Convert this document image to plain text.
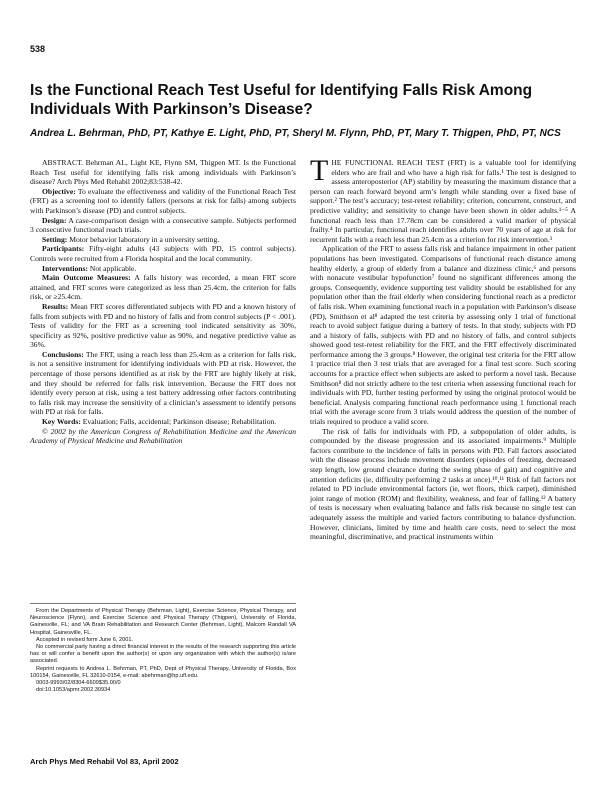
538
Is the Functional Reach Test Useful for Identifying Falls Risk Among Individuals With Parkinson’s Disease?
Andrea L. Behrman, PhD, PT, Kathye E. Light, PhD, PT, Sheryl M. Flynn, PhD, PT, Mary T. Thigpen, PhD, PT, NCS

ABSTRACT. Behrman AL, Light KE, Flynn SM, Thigpen MT. Is the Functional Reach Test useful for identifying falls risk among individuals with Parkinson’s disease? Arch Phys Med Rehabil 2002;83:538-42.

Objective: To evaluate the effectiveness and validity of the Functional Reach Test (FRT) as a screening tool to identify fallers (persons at risk for falls) among subjects with Parkinson’s disease (PD) and control subjects.

Design: A case-comparison design with a consecutive sample. Subjects performed 3 consecutive functional reach trials.

Setting: Motor behavior laboratory in a university setting.

Participants: Fifty-eight adults (43 subjects with PD, 15 control subjects). Controls were recruited from a Florida hospital and the local community.

Interventions: Not applicable.

Main Outcome Measures: A falls history was recorded, a mean FRT score attained, and FRT scores were categorized as less than 25.4cm, the criterion for falls risk, or ≥25.4cm.

Results: Mean FRT scores differentiated subjects with PD and a known history of falls from subjects with PD and no history of falls and from control subjects (P < .001). Tests of validity for the FRT as a screening tool indicated sensitivity as 30%, specificity as 92%, positive predictive value as 90%, and negative predictive value as 36%.

Conclusions: The FRT, using a reach less than 25.4cm as a criterion for falls risk, is not a sensitive instrument for identifying individuals with PD at risk. However, the percentage of those persons identified as at risk by the FRT are highly likely at risk, and they should be referred for falls risk intervention. Because the FRT does not identify every person at risk, using a test battery addressing other factors contributing to falls risk may increase the sensitivity of a clinician’s assessment to identify persons with PD at risk for falls.

Key Words: Evaluation; Falls, accidental; Parkinson disease; Rehabilitation.

© 2002 by the American Congress of Rehabilitation Medicine and the American Academy of Physical Medicine and Rehabilitation

From the Departments of Physical Therapy (Behrman, Light), Exercise Science, Physical Therapy, and Neuroscience (Flynn), and Exercise Science and Physical Therapy (Thigpen), University of Florida, Gainesville, FL; and VA Brain Rehabilitation and Research Center (Behrman, Light), Malcom Randall VA Hospital, Gainesville, FL.

Accepted in revised form June 6, 2001.

No commercial party having a direct financial interest in the results of the research supporting this article has or will confer a benefit upon the author(s) or upon any organization with which the author(s) is/are associated.

Reprint requests to Andrea L. Behrman, PT, PhD, Dept of Physical Therapy, University of Florida, Box 100154, Gainesville, FL 32610-0154, e-mail: abehrman@hp.ufl.edu.

0003-9993/02/8304-6609$35.00/0

doi:10.1053/apmr.2002.30934

THE FUNCTIONAL REACH TEST (FRT) is a valuable tool for identifying elders who are frail and who have a high risk for falls.¹ The test is designed to assess anteroposterior (AP) stability by measuring the maximum distance that a person can reach forward beyond arm’s length while standing over a fixed base of support.² The test’s accuracy; test-retest reliability; criterion, concurrent, construct, and predictive validity; and sensitivity to change have been shown in older adults.¹⁻⁵ A functional reach less than 17.78cm can be considered a valid marker of physical frailty.⁴ In particular, functional reach identifies adults over 70 years of age at risk for recurrent falls with a reach less than 25.4cm as a criterion for risk intervention.³

Application of the FRT to assess falls risk and balance impairment in other patient populations has been investigated. Comparisons of functional reach distance among healthy elderly, a group of elderly from a balance and dizziness clinic,⁶ and persons with nonacute vestibular hypofunction⁷ found no significant differences among the groups. Consequently, evidence supporting test validity should be established for any population other than the frail elderly when considering functional reach as a predictor of falls risk. When examining functional reach in a population with Parkinson’s disease (PD), Smithson et al⁸ adapted the test criteria by assessing only 1 trial of functional reach to avoid subject fatigue during a battery of tests. In that study, subjects with PD and a history of falls, subjects with PD and no history of falls, and control subjects showed good test-retest reliability for the FRT, and the FRT effectively discriminated performance among the 3 groups.⁸ However, the original test criteria for the FRT allow 1 practice trial then 3 test trials that are averaged for a final test score. Such scoring accounts for a practice effect when subjects are asked to perform a novel task. Because Smithson⁸ did not strictly adhere to the test criteria when assessing functional reach for individuals with PD, further testing performed by using the original protocol would be beneficial. Analysis comparing functional reach performance using 1 functional reach trial with the average score from 3 trials would address the question of the number of trials required to produce a valid score.

The risk of falls for individuals with PD, a subpopulation of older adults, is compounded by the disease progression and its associated impairments.⁹ Multiple factors contribute to the incidence of falls in persons with PD. Fall factors associated with the disease process include movement disorders (episodes of freezing, decreased step length, low ground clearance during the swing phase of gait) and cognitive and attention deficits (ie, difficulty performing 2 tasks at once).¹⁰,¹¹ Risk of fall factors not related to PD include environmental factors (ie, wet floors, thick carpet), diminished joint range of motion (ROM) and flexibility, weakness, and fear of falling.¹² A battery of tests is necessary when evaluating balance and falls risk because no single test can adequately assess the multiple and varied factors contributing to balance dysfunction. However, clinicians, limited by time and health care costs, need to select the most meaningful, discriminative, and practical instruments within

Arch Phys Med Rehabil Vol 83, April 2002
